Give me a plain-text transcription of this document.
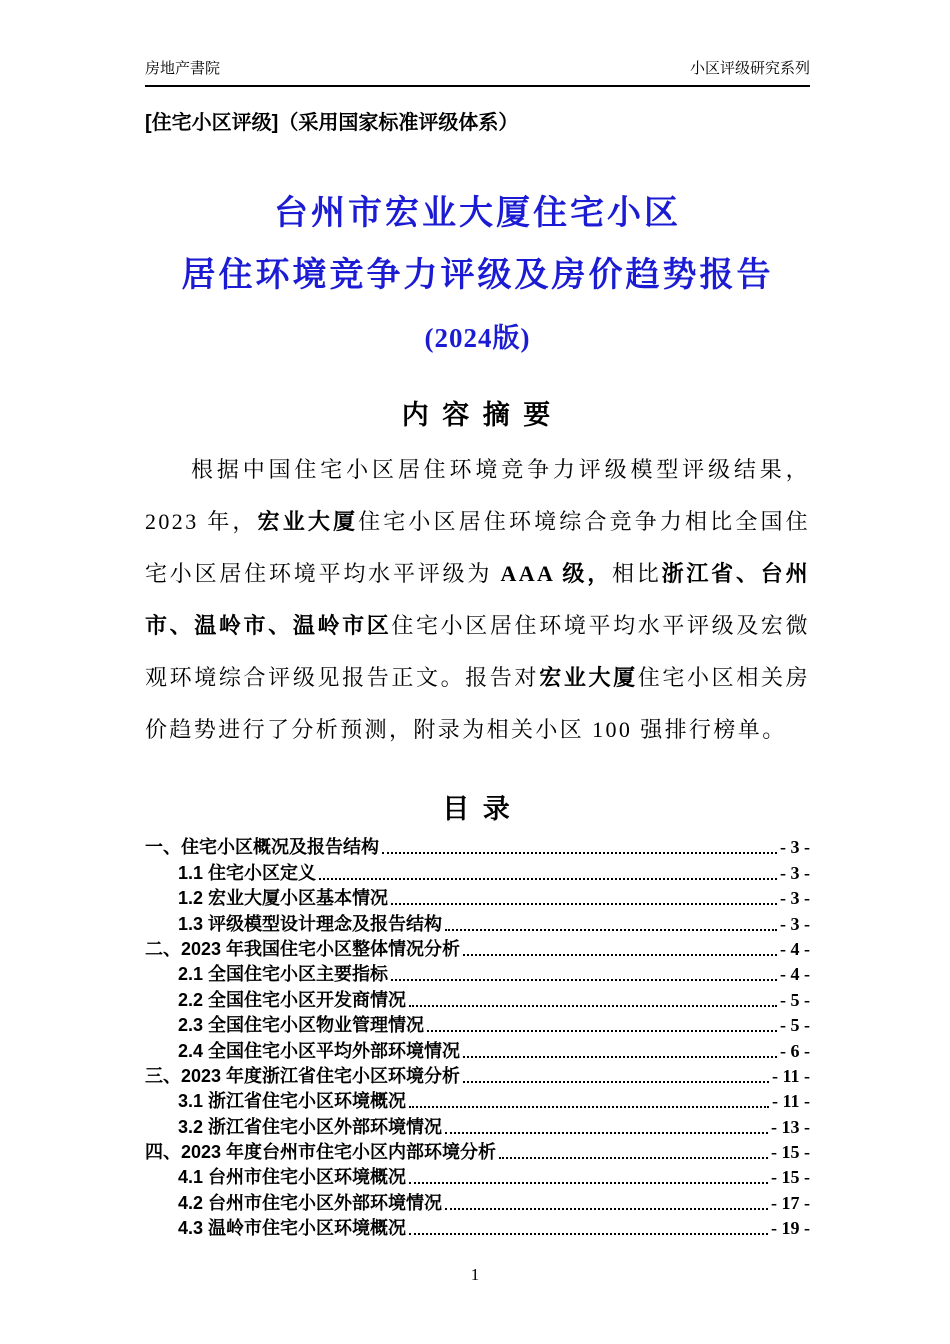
房地产書院	小区评级研究系列
[住宅小区评级]（采用国家标准评级体系）
台州市宏业大厦住宅小区
居住环境竞争力评级及房价趋势报告
(2024版)
内 容 摘 要

根据中国住宅小区居住环境竞争力评级模型评级结果，2023 年，宏业大厦住宅小区居住环境综合竞争力相比全国住宅小区居住环境平均水平评级为 AAA 级，相比浙江省、台州市、温岭市、温岭市区住宅小区居住环境平均水平评级及宏微观环境综合评级见报告正文。报告对宏业大厦住宅小区相关房价趋势进行了分析预测，附录为相关小区 100 强排行榜单。

目 录
一、住宅小区概况及报告结构	- 3 -
1.1 住宅小区定义	- 3 -
1.2 宏业大厦小区基本情况	- 3 -
1.3 评级模型设计理念及报告结构	- 3 -
二、2023 年我国住宅小区整体情况分析	- 4 -
2.1 全国住宅小区主要指标	- 4 -
2.2 全国住宅小区开发商情况	- 5 -
2.3 全国住宅小区物业管理情况	- 5 -
2.4 全国住宅小区平均外部环境情况	- 6 -
三、2023 年度浙江省住宅小区环境分析	- 11 -
3.1 浙江省住宅小区环境概况	- 11 -
3.2 浙江省住宅小区外部环境情况	- 13 -
四、2023 年度台州市住宅小区内部环境分析	- 15 -
4.1 台州市住宅小区环境概况	- 15 -
4.2 台州市住宅小区外部环境情况	- 17 -
4.3 温岭市住宅小区环境概况	- 19 -
1
